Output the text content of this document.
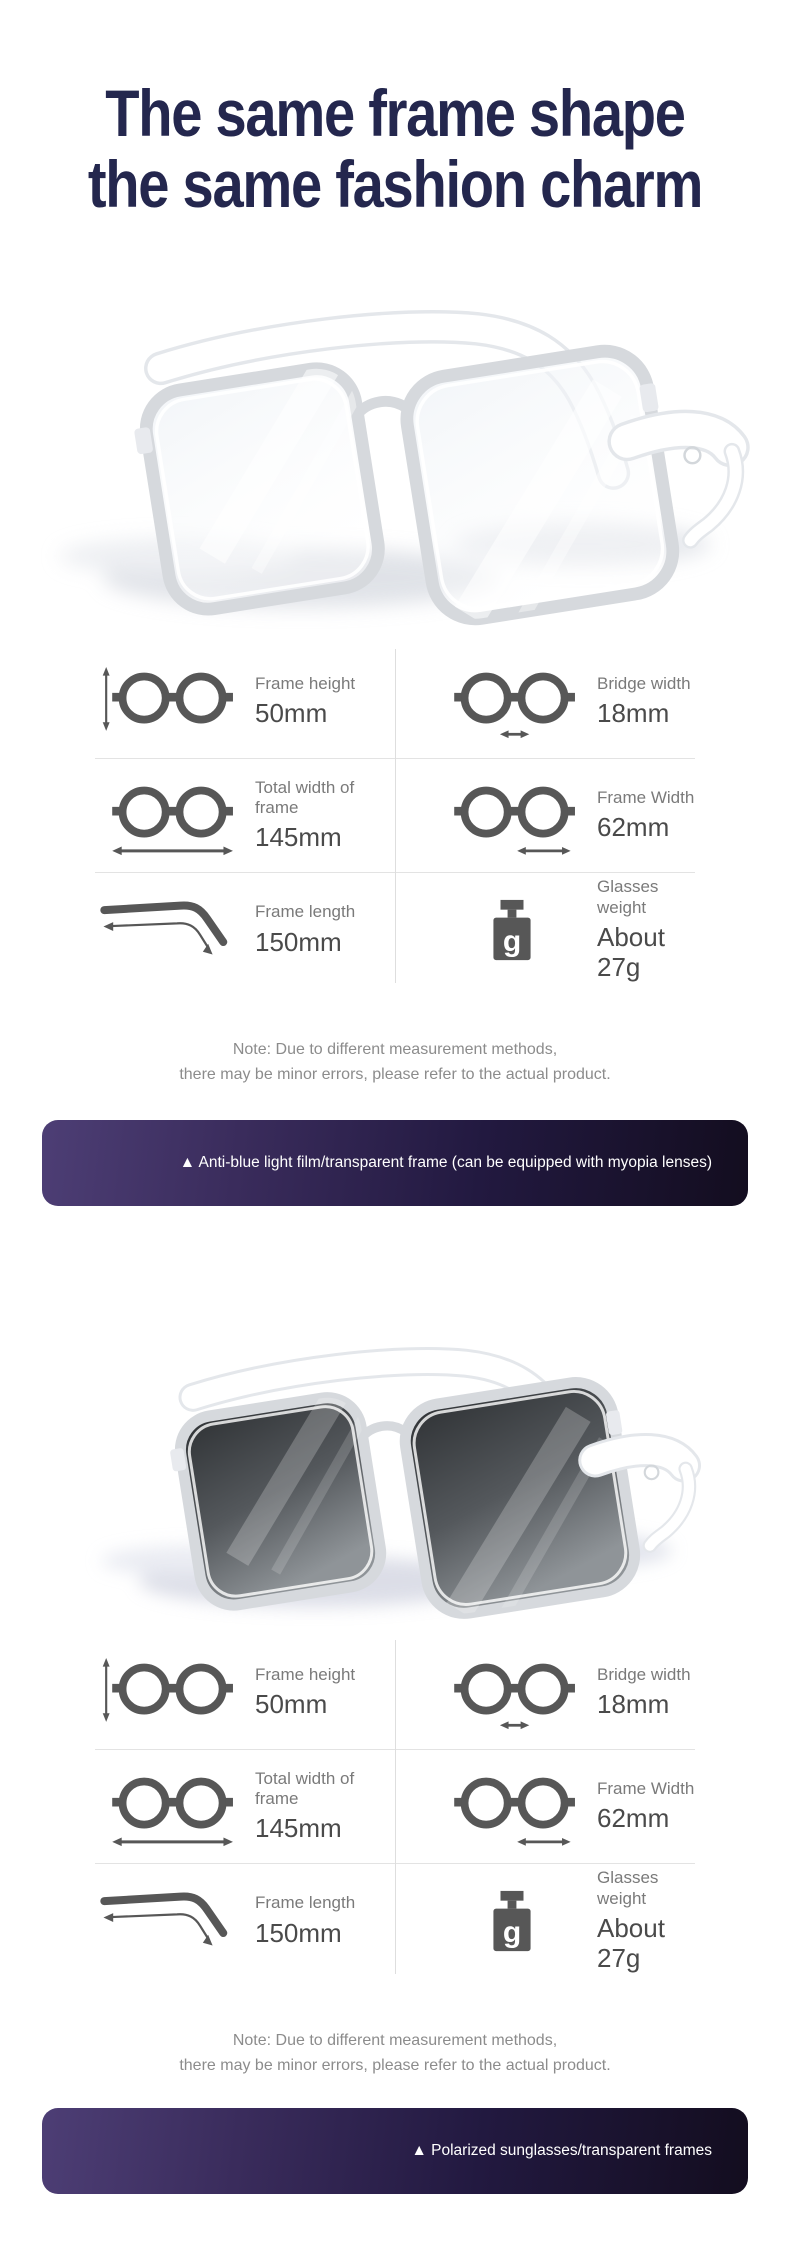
The same frame shape
the same fashion charm
Frame height
50mm
Bridge width
18mm
Total width of frame
145mm
Frame Width
62mm
Frame length
150mm
Glasses weight
About 27g
Note: Due to different measurement methods,
there may be minor errors, please refer to the actual product.
▲ Anti-blue light film/transparent frame (can be equipped with myopia lenses)
Frame height
50mm
Bridge width
18mm
Total width of frame
145mm
Frame Width
62mm
Frame length
150mm
Glasses weight
About 27g
Note: Due to different measurement methods,
there may be minor errors, please refer to the actual product.
▲ Polarized sunglasses/transparent frames
